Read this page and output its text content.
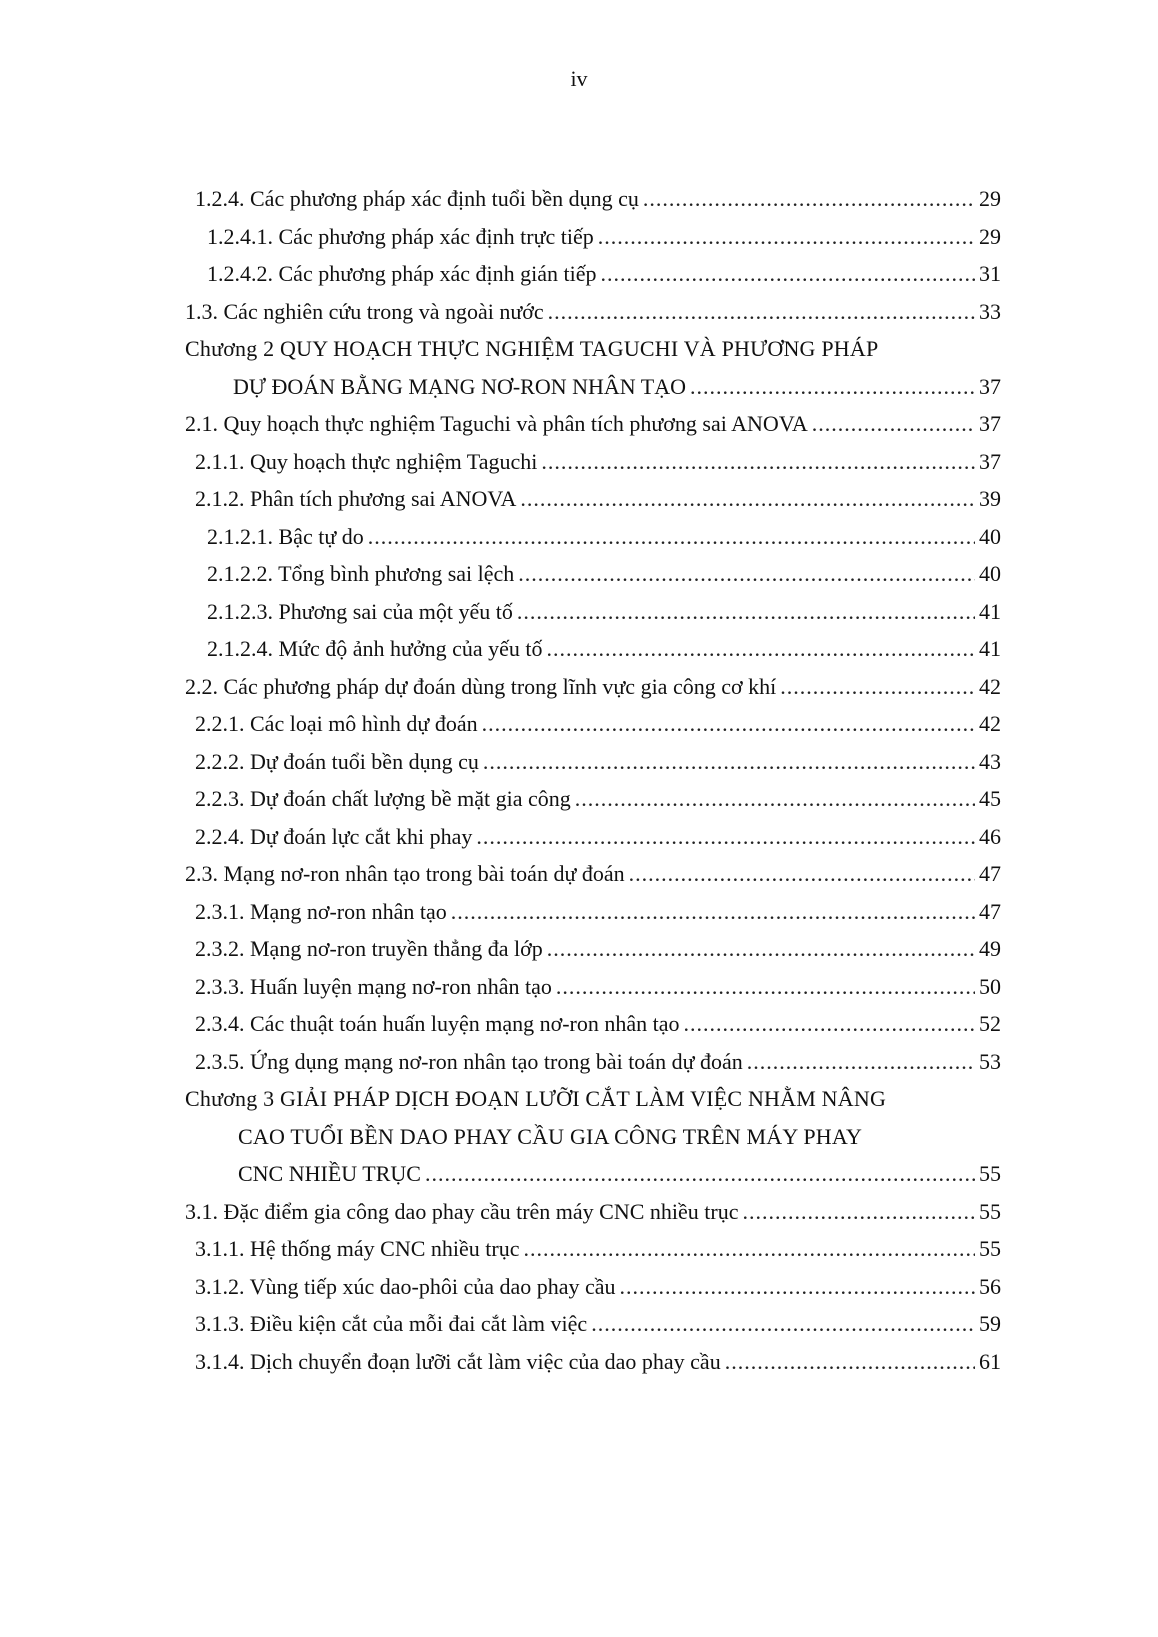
iv
1.2.4. Các phương pháp xác định tuổi bền dụng cụ .....	29
1.2.4.1. Các phương pháp xác định trực tiếp .....	29
1.2.4.2. Các phương pháp xác định gián tiếp .....	31
1.3. Các nghiên cứu trong và ngoài nước .....	33
Chương 2 QUY HOẠCH THỰC NGHIỆM TAGUCHI VÀ PHƯƠNG PHÁP
DỰ ĐOÁN BẰNG MẠNG NƠ-RON NHÂN TẠO .....	37
2.1. Quy hoạch thực nghiệm Taguchi và phân tích phương sai ANOVA .....	37
2.1.1. Quy hoạch thực nghiệm Taguchi .....	37
2.1.2. Phân tích phương sai ANOVA .....	39
2.1.2.1. Bậc tự do .....	40
2.1.2.2. Tổng bình phương sai lệch .....	40
2.1.2.3. Phương sai của một yếu tố .....	41
2.1.2.4. Mức độ ảnh hưởng của yếu tố .....	41
2.2. Các phương pháp dự đoán dùng trong lĩnh vực gia công cơ khí .....	42
2.2.1. Các loại mô hình dự đoán .....	42
2.2.2. Dự đoán tuổi bền dụng cụ .....	43
2.2.3. Dự đoán chất lượng bề mặt gia công .....	45
2.2.4. Dự đoán lực cắt khi phay .....	46
2.3. Mạng nơ-ron nhân tạo trong bài toán dự đoán .....	47
2.3.1. Mạng nơ-ron nhân tạo .....	47
2.3.2. Mạng nơ-ron truyền thẳng đa lớp .....	49
2.3.3. Huấn luyện mạng nơ-ron nhân tạo .....	50
2.3.4. Các thuật toán huấn luyện mạng nơ-ron nhân tạo .....	52
2.3.5. Ứng dụng mạng nơ-ron nhân tạo trong bài toán dự đoán .....	53
Chương 3 GIẢI PHÁP DỊCH ĐOẠN LƯỠI CẮT LÀM VIỆC NHẰM NÂNG
CAO TUỔI BỀN DAO PHAY CẦU GIA CÔNG TRÊN MÁY PHAY
CNC NHIỀU TRỤC .....	55
3.1. Đặc điểm gia công dao phay cầu trên máy CNC nhiều trục .....	55
3.1.1. Hệ thống máy CNC nhiều trục .....	55
3.1.2. Vùng tiếp xúc dao-phôi của dao phay cầu .....	56
3.1.3. Điều kiện cắt của mỗi đai cắt làm việc .....	59
3.1.4. Dịch chuyển đoạn lưỡi cắt làm việc của dao phay cầu .....	61
